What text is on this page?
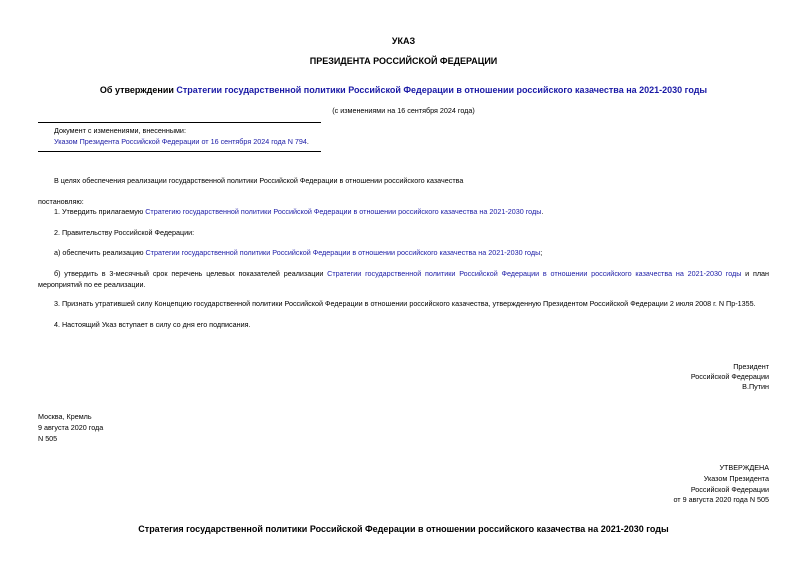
УКАЗ
ПРЕЗИДЕНТА РОССИЙСКОЙ ФЕДЕРАЦИИ
Об утверждении Стратегии государственной политики Российской Федерации в отношении российского казачества на 2021-2030 годы
(с изменениями на 16 сентября 2024 года)
Документ с изменениями, внесенными:
Указом Президента Российской Федерации от 16 сентября 2024 года N 794.
В целях обеспечения реализации государственной политики Российской Федерации в отношении российского казачества
постановляю:
1. Утвердить прилагаемую Стратегию государственной политики Российской Федерации в отношении российского казачества на 2021-2030 годы.
2. Правительству Российской Федерации:
а) обеспечить реализацию Стратегии государственной политики Российской Федерации в отношении российского казачества на 2021-2030 годы;
б) утвердить в 3-месячный срок перечень целевых показателей реализации Стратегии государственной политики Российской Федерации в отношении российского казачества на 2021-2030 годы и план мероприятий по ее реализации.
3. Признать утратившей силу Концепцию государственной политики Российской Федерации в отношении российского казачества, утвержденную Президентом Российской Федерации 2 июля 2008 г. N Пр-1355.
4. Настоящий Указ вступает в силу со дня его подписания.
Президент
Российской Федерации
В.Путин
Москва, Кремль
9 августа 2020 года
N 505
УТВЕРЖДЕНА
Указом Президента
Российской Федерации
от 9 августа 2020 года N 505
Стратегия государственной политики Российской Федерации в отношении российского казачества на 2021-2030 годы
